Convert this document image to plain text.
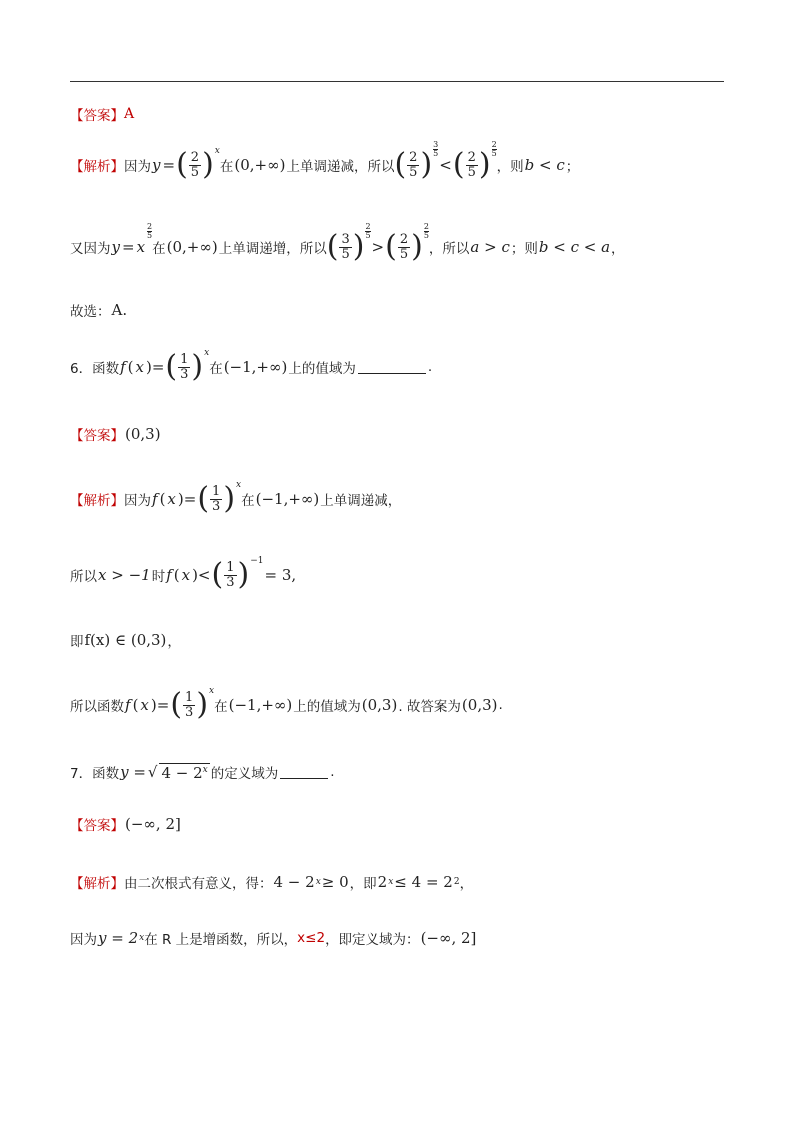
【答案】 A
【解析】 因为 y = ( $\frac{2}{5}$ ) x
在 (0,+∞) 上单调递减，所以 ( $\frac{2}{5}$ )
3
5
< ( $\frac{2}{5}$ )
2
5
，则 b < c ；
又因为 y = x
2
5
在 (0,+∞) 上单调递增，所以 ( $\frac{3}{5}$ )
2
5
> ( $\frac{2}{5}$ )
2
5
，所以 a > c ；则 b < c < a ，
故选： A.
6．函数 f ( x )= ( $\frac{1}{3}$ ) x
在 (−1,+∞) 上的值域为	.
【答案】 (0,3)
【解析】 因为 f ( x )= ( $\frac{1}{3}$ ) x
在 (−1,+∞) 上单调递减，
所以 x > −1 时 f ( x )< ( $\frac{1}{3}$ ) −1
= 3,
即 f(x) ∈ (0,3) ，
所以函数 f ( x )= ( $\frac{1}{3}$ ) x
在 (−1,+∞) 上的值域为 (0,3) . 故答案为 (0,3) .
7．函数 y = √ $4 - 2^x$ 的定义域为	.
【答案】 (−∞, 2]
【解析】 由二次根式有意义，得： 4 − 2 x ≥ 0 ，即 2 x ≤ 4 = 2 2 ，
因为 y = 2 x 在 R 上是增函数，所以， x≤2 ，即定义域为： (−∞, 2]
